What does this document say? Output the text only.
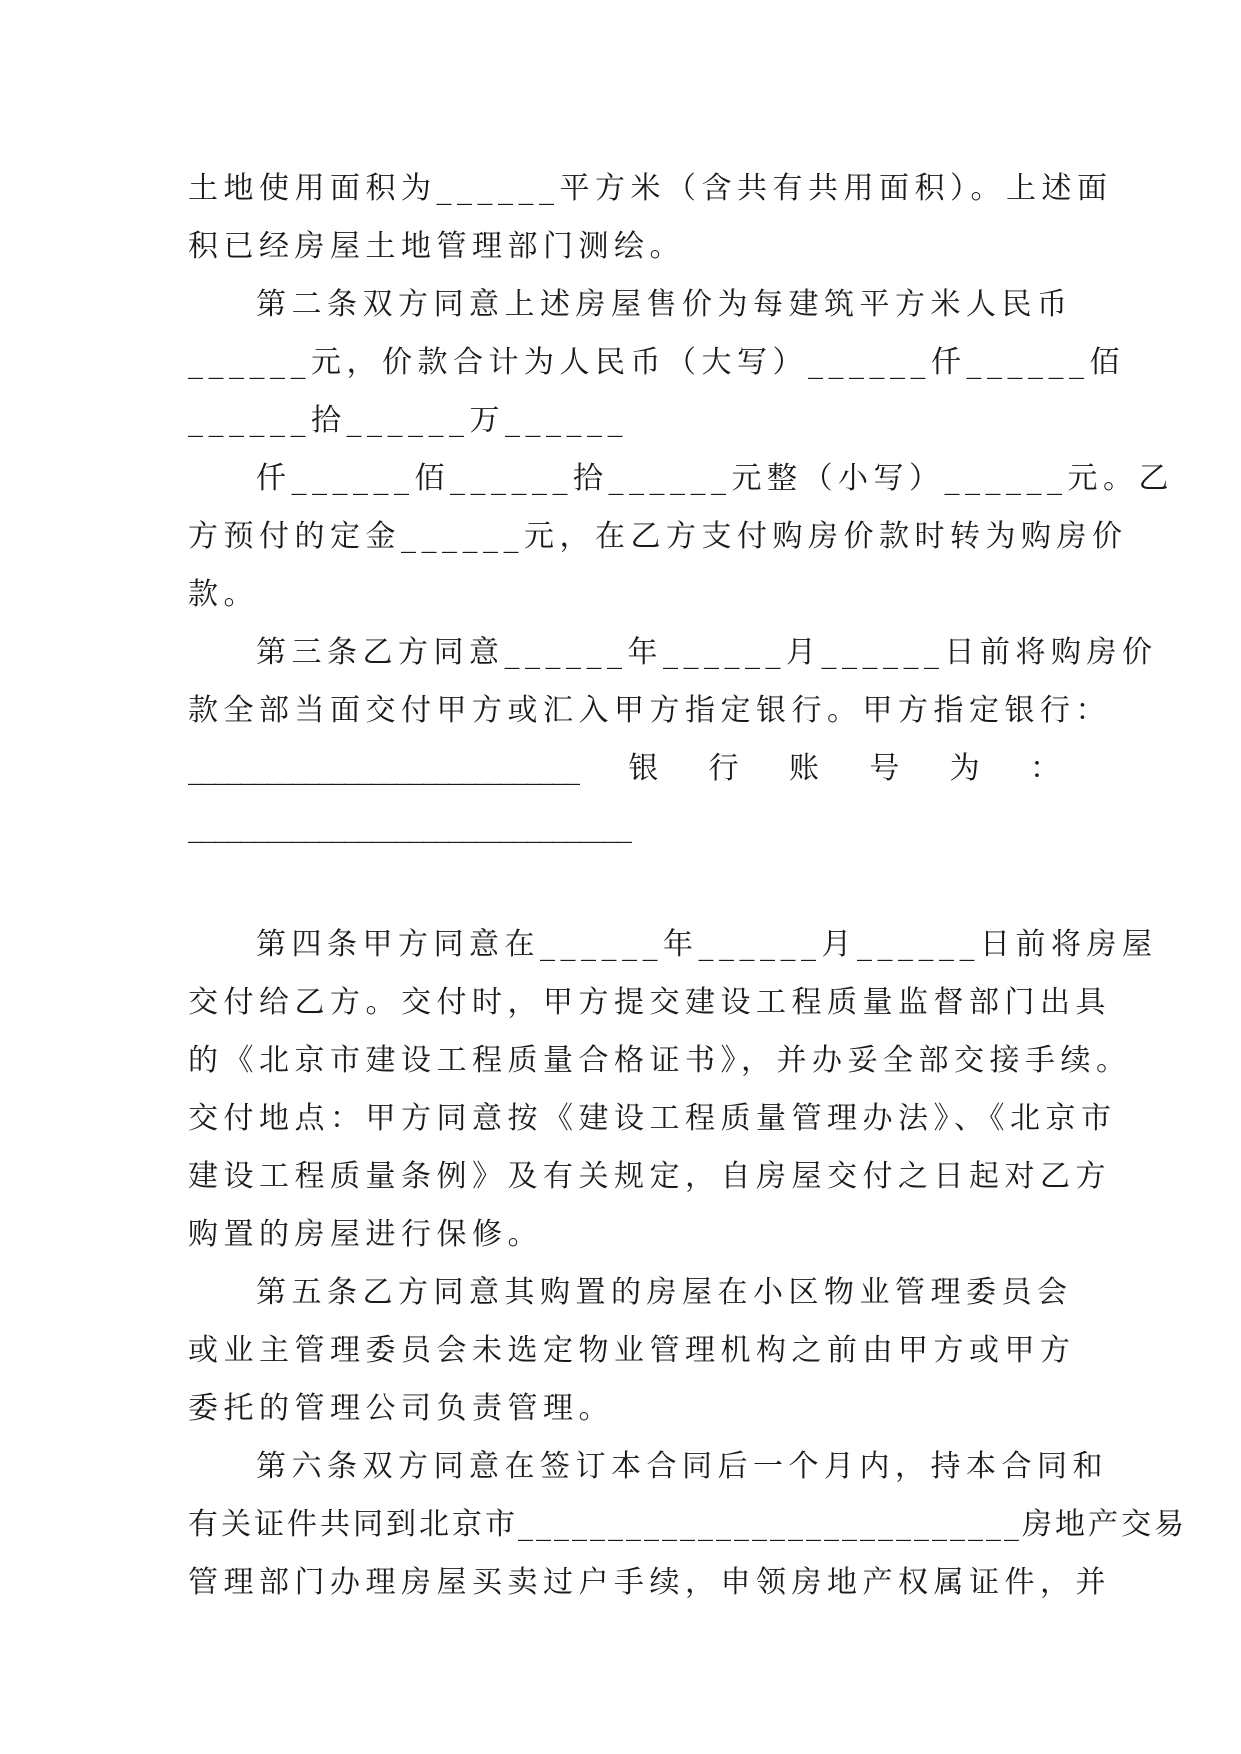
土地使用面积为______平方米（含共有共用面积）。上述面
积已经房屋土地管理部门测绘。
第二条双方同意上述房屋售价为每建筑平方米人民币
______元，价款合计为人民币（大写）______仟______佰
______拾______万______
仟______佰______拾______元整（小写）______元。乙
方预付的定金______元，在乙方支付购房价款时转为购房价
款。
第三条乙方同意______年______月______日前将购房价
款全部当面交付甲方或汇入甲方指定银行。甲方指定银行：
______________________________ 银 行 账 号 为 ：
__________________________________
第四条甲方同意在______年______月______日前将房屋
交付给乙方。交付时，甲方提交建设工程质量监督部门出具
的《北京市建设工程质量合格证书》，并办妥全部交接手续。
交付地点：甲方同意按《建设工程质量管理办法》、《北京市
建设工程质量条例》及有关规定，自房屋交付之日起对乙方
购置的房屋进行保修。
第五条乙方同意其购置的房屋在小区物业管理委员会
或业主管理委员会未选定物业管理机构之前由甲方或甲方
委托的管理公司负责管理。
第六条双方同意在签订本合同后一个月内，持本合同和
有关证件共同到北京市____________________________房地产交易
管理部门办理房屋买卖过户手续，申领房地产权属证件，并
